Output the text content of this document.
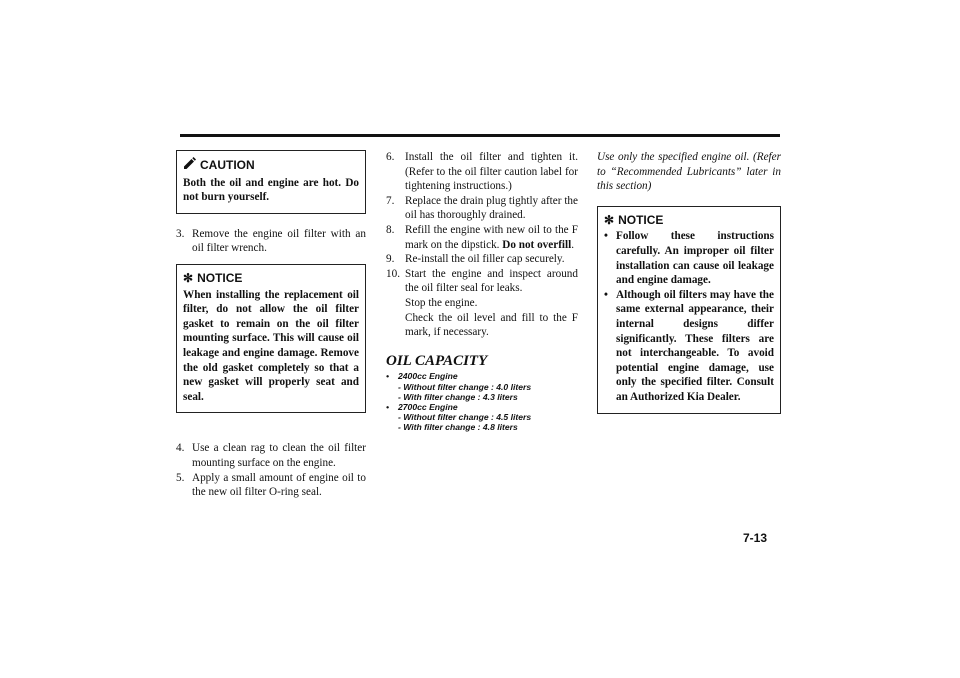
CAUTION
Both the oil and engine are hot. Do not burn yourself.
3. Remove the engine oil filter with an oil filter wrench.
✻ NOTICE
When installing the replacement oil filter, do not allow the oil filter gasket to remain on the oil filter mounting surface. This will cause oil leakage and engine damage. Remove the old gasket completely so that a new gasket will properly seat and seal.
4. Use a clean rag to clean the oil filter mounting surface on the engine.
5. Apply a small amount of engine oil to the new oil filter O-ring seal.
6. Install the oil filter and tighten it. (Refer to the oil filter caution label for tightening instructions.)
7. Replace the drain plug tightly after the oil has thoroughly drained.
8. Refill the engine with new oil to the F mark on the dipstick. Do not overfill.
9. Re-install the oil filler cap securely.
10. Start the engine and inspect around the oil filter seal for leaks.
Stop the engine.
Check the oil level and fill to the F mark, if necessary.
OIL CAPACITY
•	2400cc Engine
- Without filter change : 4.0 liters
- With filter change : 4.3 liters
•	2700cc Engine
- Without filter change : 4.5 liters
- With filter change : 4.8 liters
Use only the specified engine oil. (Refer to “Recommended Lubricants” later in this section)
✻ NOTICE
• Follow these instructions carefully. An improper oil filter installation can cause oil leakage and engine damage.
• Although oil filters may have the same external appearance, their internal designs differ significantly. These filters are not interchangeable. To avoid potential engine damage, use only the specified filter. Consult an Authorized Kia Dealer.
7-13
